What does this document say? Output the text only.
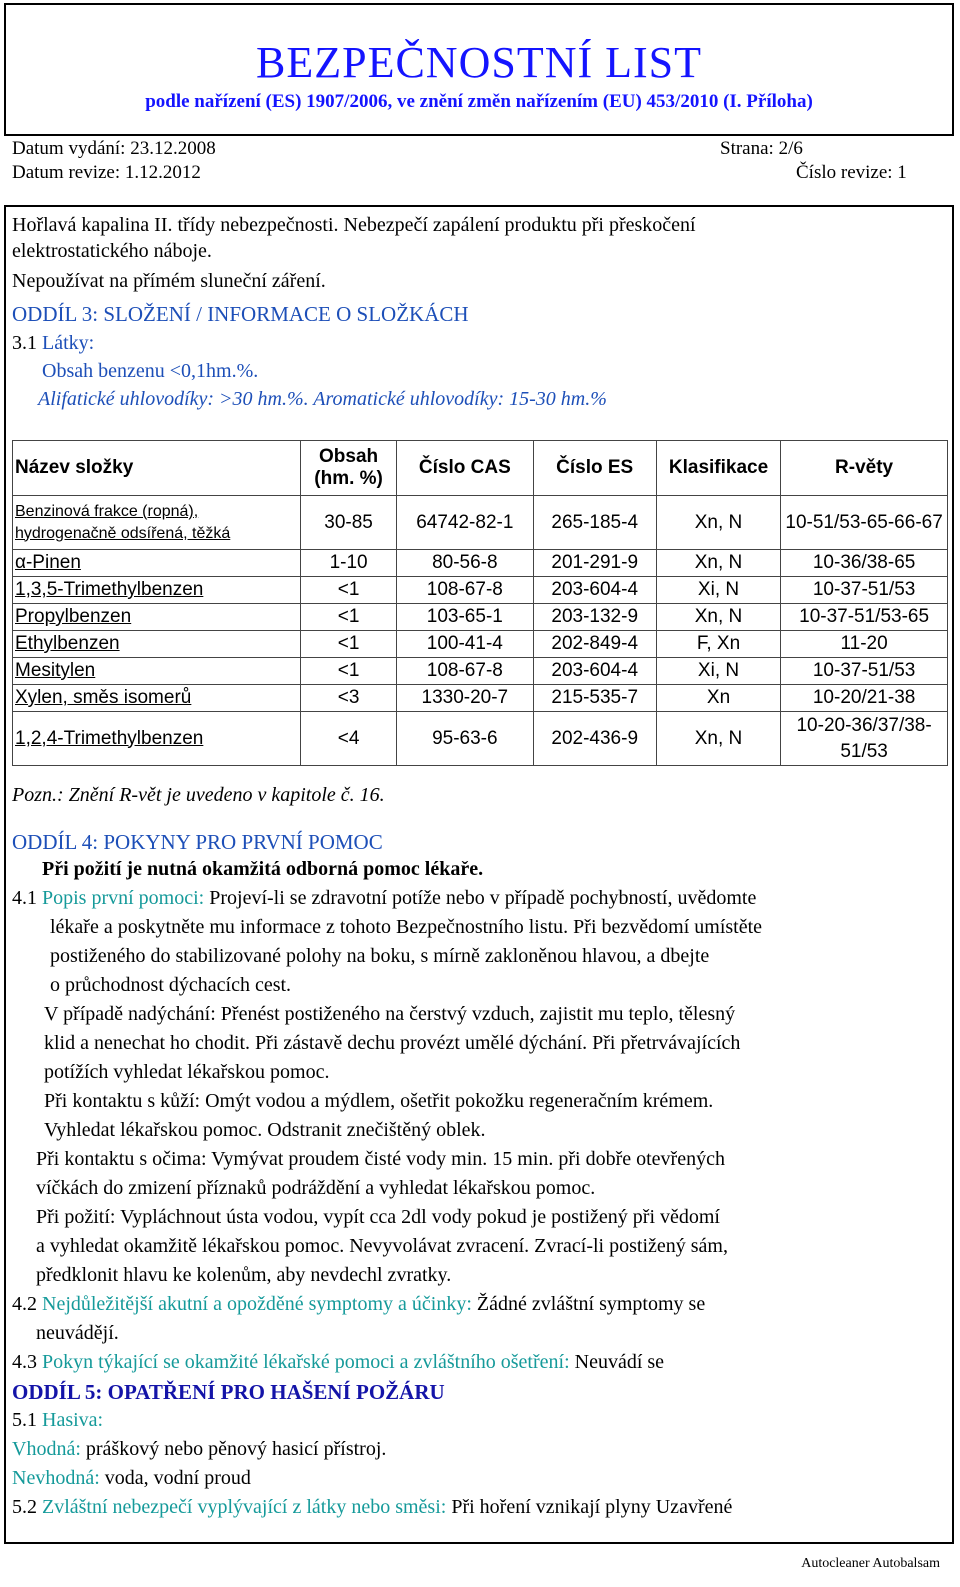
BEZPEČNOSTNÍ LIST
podle nařízení (ES) 1907/2006, ve znění změn nařízením (EU) 453/2010 (I. Příloha)
Datum vydání: 23.12.2008
Datum revize: 1.12.2012
Strana: 2/6
Číslo revize: 1
Hořlavá kapalina II. třídy nebezpečnosti. Nebezpečí zapálení produktu při přeskočení
elektrostatického náboje.
Nepoužívat na přímém sluneční záření.
ODDÍL 3: SLOŽENÍ / INFORMACE O SLOŽKÁCH
3.1 Látky:
Obsah benzenu <0,1hm.%.
Alifatické uhlovodíky: >30 hm.%. Aromatické uhlovodíky: 15-30 hm.%
Název složky	Obsah (hm. %)	Číslo CAS	Číslo ES	Klasifikace	R-věty
Benzinová frakce (ropná), hydrogenačně odsířená, těžká	30-85	64742-82-1	265-185-4	Xn, N	10-51/53-65-66-67
α-Pinen	1-10	80-56-8	201-291-9	Xn, N	10-36/38-65
1,3,5-Trimethylbenzen	<1	108-67-8	203-604-4	Xi, N	10-37-51/53
Propylbenzen	<1	103-65-1	203-132-9	Xn, N	10-37-51/53-65
Ethylbenzen	<1	100-41-4	202-849-4	F, Xn	11-20
Mesitylen	<1	108-67-8	203-604-4	Xi, N	10-37-51/53
Xylen, směs isomerů	<3	1330-20-7	215-535-7	Xn	10-20/21-38
1,2,4-Trimethylbenzen	<4	95-63-6	202-436-9	Xn, N	10-20-36/37/38-51/53
Pozn.: Znění R-vět je uvedeno v kapitole č. 16.
ODDÍL 4: POKYNY PRO PRVNÍ POMOC
Při požití je nutná okamžitá odborná pomoc lékaře.
4.1 Popis první pomoci: Projeví-li se zdravotní potíže nebo v případě pochybností, uvědomte
lékaře a poskytněte mu informace z tohoto Bezpečnostního listu. Při bezvědomí umístěte
postiženého do stabilizované polohy na boku, s mírně zakloněnou hlavou, a dbejte
o průchodnost dýchacích cest.
V případě nadýchání: Přenést postiženého na čerstvý vzduch, zajistit mu teplo, tělesný
klid a nenechat ho chodit. Při zástavě dechu provézt umělé dýchání. Při přetrvávajících
potížích vyhledat lékařskou pomoc.
Při kontaktu s kůží: Omýt vodou a mýdlem, ošetřit pokožku regeneračním krémem.
Vyhledat lékařskou pomoc. Odstranit znečištěný oblek.
Při kontaktu s očima: Vymývat proudem čisté vody min. 15 min. při dobře otevřených
víčkách do zmizení příznaků podráždění a vyhledat lékařskou pomoc.
Při požití: Vypláchnout ústa vodou, vypít cca 2dl vody pokud je postižený při vědomí
a vyhledat okamžitě lékařskou pomoc. Nevyvolávat zvracení. Zvrací-li postižený sám,
předklonit hlavu ke kolenům, aby nevdechl zvratky.
4.2 Nejdůležitější akutní a opožděné symptomy a účinky: Žádné zvláštní symptomy se
neuvádějí.
4.3 Pokyn týkající se okamžité lékařské pomoci a zvláštního ošetření: Neuvádí se
ODDÍL 5: OPATŘENÍ PRO HAŠENÍ POŽÁRU
5.1 Hasiva:
Vhodná: práškový nebo pěnový hasicí přístroj.
Nevhodná: voda, vodní proud
5.2 Zvláštní nebezpečí vyplývající z látky nebo směsi: Při hoření vznikají plyny Uzavřené
Autocleaner Autobalsam
